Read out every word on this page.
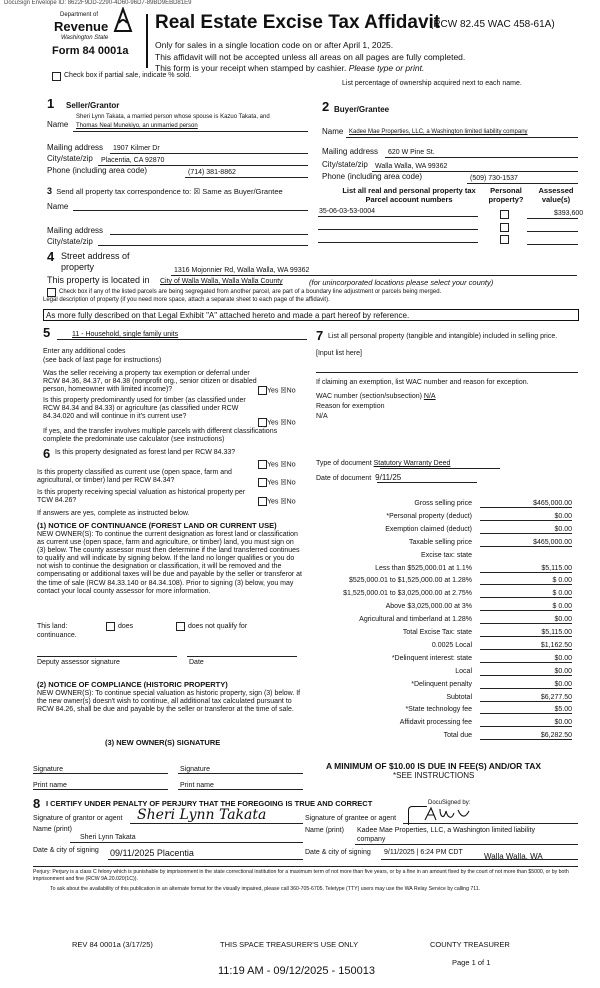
DocuSign Envelope ID: 8622F9DD-2290-4D60-96D7-89BD9EBD81E9
Department of
Revenue
Washington State
Form 84 0001a
Real Estate Excise Tax Affidavit
(RCW 82.45 WAC 458-61A)
Only for sales in a single location code on or after April 1, 2025.
This affidavit will not be accepted unless all areas on all pages are fully completed.
This form is your receipt when stamped by cashier. Please type or print.
Check box if partial sale, indicate % sold.
List percentage of ownership acquired next to each name.
1 Seller/Grantor
Name
Sheri Lynn Takata, a married person whose spouse is Kazuo Takata, and
Thomas Neal Munekiyo, an unmarried person
Mailing address 1907 Kilmer Dr
City/state/zip Placentia, CA 92870
Phone (including area code)	(714) 381-8862
2 Buyer/Grantee
Name Kadee Mae Properties, LLC, a Washington limited liability company
Mailing address 620 W Pine St.
City/state/zip Walla Walla, WA 99362
Phone (including area code)	(509) 730-1537
3 Send all property tax correspondence to: ☒ Same as Buyer/Grantee
Name
Mailing address
City/state/zip
List all real and personal property tax
Parcel account numbers
Personal
property?
Assessed
value(s)
35-06-03-53-0004	$393,600
4 Street address of
property	1316 Mojonnier Rd, Walla Walla, WA 99362
This property is located in City of Walla Walla, Walla Walla County	(for unincorporated locations please select your county)
Check box if any of the listed parcels are being segregated from another parcel, are part of a boundary line adjustment or parcels being merged.
Legal description of property (if you need more space, attach a separate sheet to each page of the affidavit).
As more fully described on that Legal Exhibit "A" attached hereto and made a part hereof by reference.
5	11 - Household, single family units
Enter any additional codes
(see back of last page for instructions)
Was the seller receiving a property tax exemption or deferral under RCW 84.36, 84.37, or 84.38 (nonprofit org., senior citizen or disabled person, homeowner with limited income)?	Yes ☒No
Is this property predominantly used for timber (as classified under RCW 84.34 and 84.33) or agriculture (as classified under RCW 84.34.020 and will continue in it's current use?
Yes ☒No
If yes, and the transfer involves multiple parcels with different classifications complete the predominate use calculator (see instructions)
6 Is this property designated as forest land per RCW 84.33?
Yes ☒No
Is this property classified as current use (open space, farm and agricultural, or timber) land per RCW 84.34?	Yes ☒No
Is this property receiving special valuation as historical property per TCW 84.26?	Yes ☒No
If answers are yes, complete as instructed below.
(1) NOTICE OF CONTINUANCE (FOREST LAND OR CURRENT USE)
NEW OWNER(S): To continue the current designation as forest land or classification as current use (open space, farm and agriculture, or timber) land, you must sign on (3) below. The county assessor must then determine if the land transferred continues to qualify and will indicate by signing below. If the land no longer qualifies or you do not wish to continue the designation or classification, it will be removed and the compensating or additional taxes will be due and payable by the seller or transferor at the time of sale (RCW 84.33.140 or 84.34.108). Prior to signing (3) below, you may contact your local county assessor for more information.
This land:
continuance.
does	does not qualify for
Deputy assessor signature	Date
(2) NOTICE OF COMPLIANCE (HISTORIC PROPERTY)
NEW OWNER(S): To continue special valuation as historic property, sign (3) below. If the new owner(s) doesn't wish to continue, all additional tax calculated pursuant to RCW 84.26, shall be due and payable by the seller or transferor at the time of sale.
(3) NEW OWNER(S) SIGNATURE
Signature	Signature
Print name	Print name
7 List all personal property (tangible and intangible) included in selling price.
[Input list here]
If claiming an exemption, list WAC number and reason for exception.
WAC number (section/subsection) N/A
Reason for exemption
N/A
Type of document Statutory Warranty Deed
Date of document 9/11/25
Gross selling price	$465,000.00
*Personal property (deduct)	$0.00
Exemption claimed (deduct)	$0.00
Taxable selling price	$465,000.00
Excise tax: state
Less than $525,000.01 at 1.1%	$5,115.00
$525,000.01 to $1,525,000.00 at 1.28%	$ 0.00
$1,525,000.01 to $3,025,000.00 at 2.75%	$ 0.00
Above $3,025,000.00 at 3%	$ 0.00
Agricultural and timberland at 1.28%	$0.00
Total Excise Tax: state	$5,115.00
0.0025 Local	$1,162.50
*Delinquent interest: state	$0.00
Local	$0.00
*Delinquent penalty	$0.00
Subtotal	$6,277.50
*State technology fee	$5.00
Affidavit processing fee	$0.00
Total due	$6,282.50
A MINIMUM OF $10.00 IS DUE IN FEE(S) AND/OR TAX
*SEE INSTRUCTIONS
8 I CERTIFY UNDER PENALTY OF PERJURY THAT THE FOREGOING IS TRUE AND CORRECT
Signature of grantor or agent Sheri Lynn Takata
Name (print)
Sheri Lynn Takata
Date & city of signing 09/11/2025 Placentia
DocuSigned by:
Signature of grantee or agent
Name (print) Kadee Mae Properties, LLC, a Washington limited liability
company
Date & city of signing 9/11/2025 | 6:24 PM CDT	Walla Walla, WA
Perjury: Perjury is a class C felony which is punishable by imprisonment in the state correctional institution for a maximum term of not more than five years, or by a fine in an amount fixed by the court of not more than $5000, or by both imprisonment and fine (RCW 9A.20.020(1C)).
To ask about the availability of this publication in an alternate format for the visually impaired, please call 360-705-6705. Teletype (TTY) users may use the WA Relay Service by calling 711.
REV 84 0001a (3/17/25)	THIS SPACE TREASURER'S USE ONLY	COUNTY TREASURER
Page 1 of 1
11:19 AM - 09/12/2025 - 150013
